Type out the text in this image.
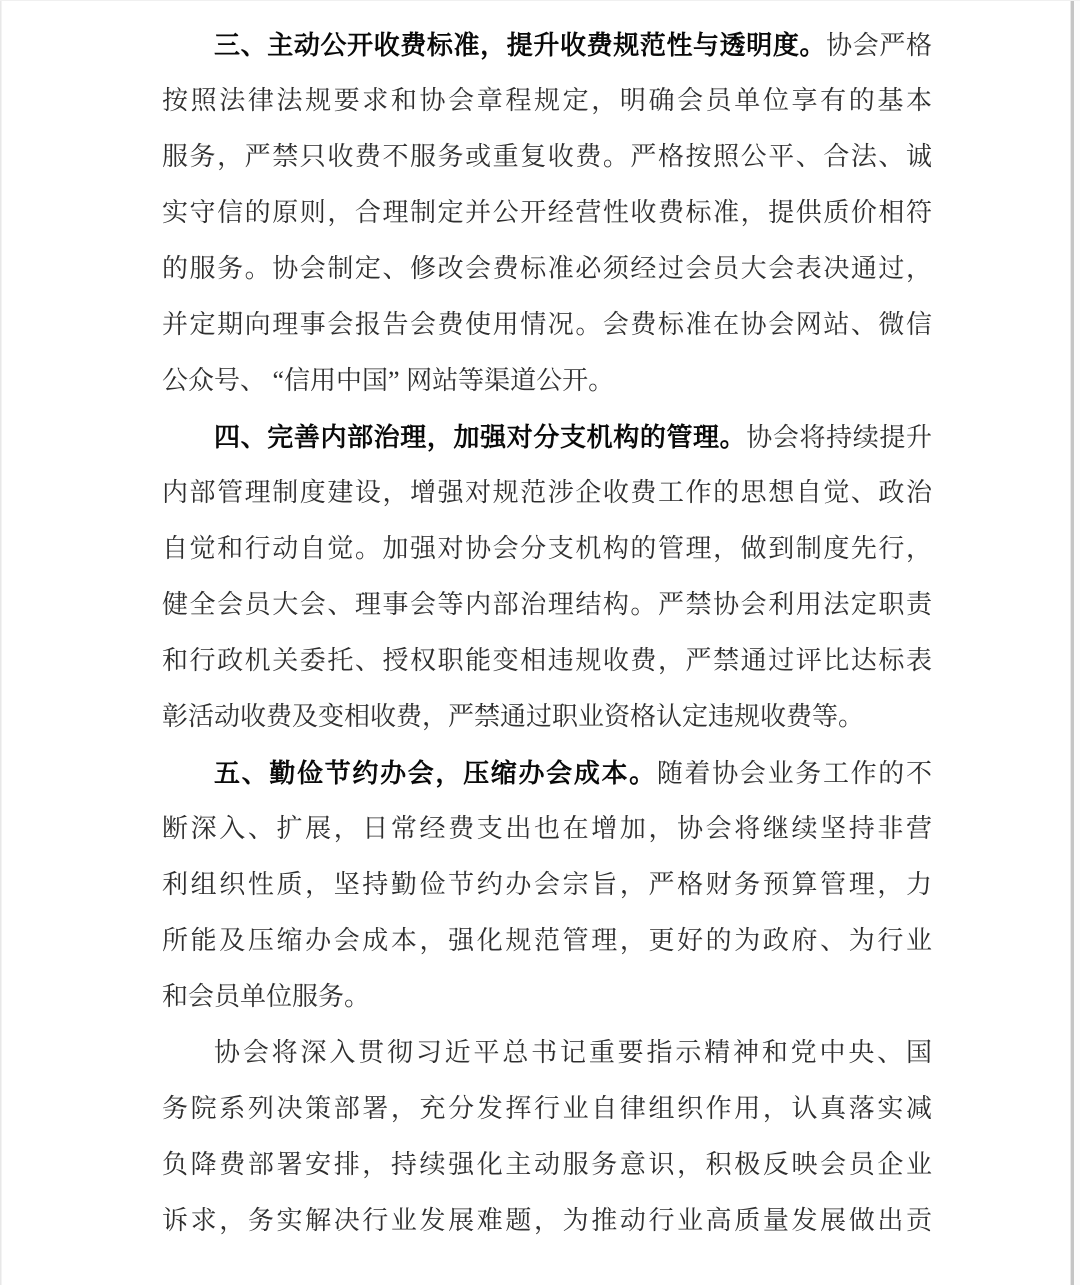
三、主动公开收费标准，提升收费规范性与透明度。协会严格
按照法律法规要求和协会章程规定，明确会员单位享有的基本
服务，严禁只收费不服务或重复收费。严格按照公平、合法、诚
实守信的原则，合理制定并公开经营性收费标准，提供质价相符
的服务。协会制定、修改会费标准必须经过会员大会表决通过，
并定期向理事会报告会费使用情况。会费标准在协会网站、微信
公众号、 “信用中国” 网站等渠道公开。
四、完善内部治理，加强对分支机构的管理。协会将持续提升
内部管理制度建设，增强对规范涉企收费工作的思想自觉、政治
自觉和行动自觉。加强对协会分支机构的管理，做到制度先行，
健全会员大会、理事会等内部治理结构。严禁协会利用法定职责
和行政机关委托、授权职能变相违规收费，严禁通过评比达标表
彰活动收费及变相收费，严禁通过职业资格认定违规收费等。
五、勤俭节约办会，压缩办会成本。随着协会业务工作的不
断深入、扩展，日常经费支出也在增加，协会将继续坚持非营
利组织性质，坚持勤俭节约办会宗旨，严格财务预算管理，力
所能及压缩办会成本，强化规范管理，更好的为政府、为行业
和会员单位服务。
协会将深入贯彻习近平总书记重要指示精神和党中央、国
务院系列决策部署，充分发挥行业自律组织作用，认真落实减
负降费部署安排，持续强化主动服务意识，积极反映会员企业
诉求，务实解决行业发展难题，为推动行业高质量发展做出贡
